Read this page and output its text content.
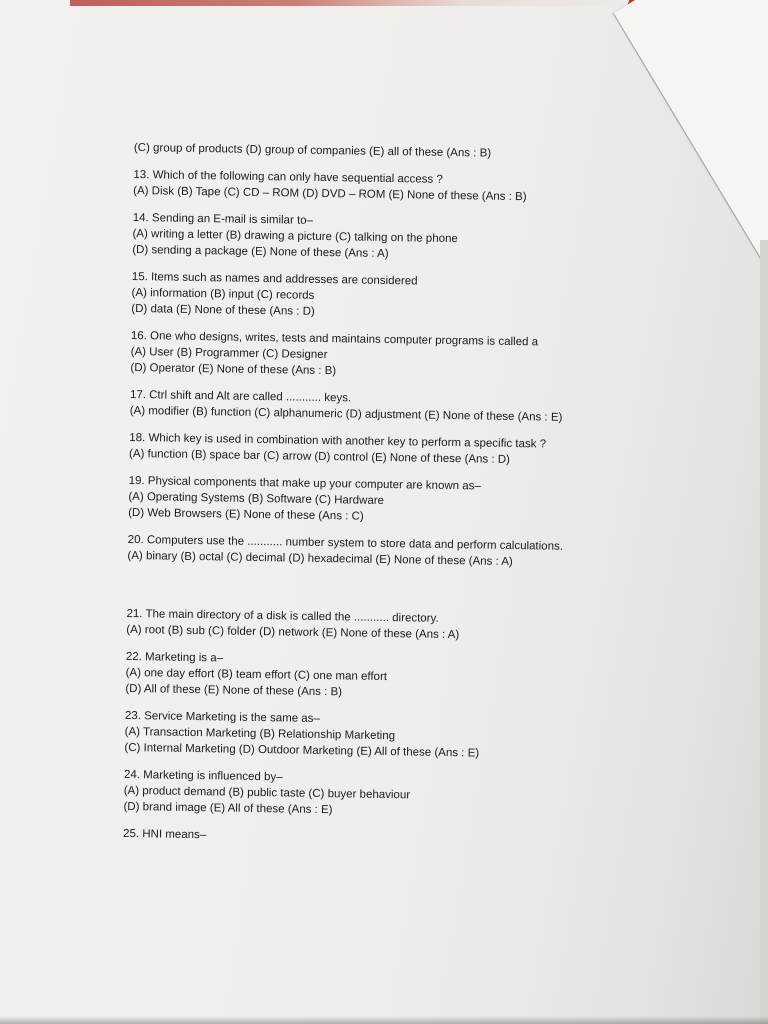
(C) group of products (D) group of companies (E) all of these (Ans : B)

13. Which of the following can only have sequential access ?

(A) Disk (B) Tape (C) CD – ROM (D) DVD – ROM (E) None of these (Ans : B)

14. Sending an E-mail is similar to–

(A) writing a letter (B) drawing a picture (C) talking on the phone

(D) sending a package (E) None of these (Ans : A)

15. Items such as names and addresses are considered

(A) information (B) input (C) records

(D) data (E) None of these (Ans : D)

16. One who designs, writes, tests and maintains computer programs is called a

(A) User (B) Programmer (C) Designer

(D) Operator (E) None of these (Ans : B)

17. Ctrl shift and Alt are called ........... keys.

(A) modifier (B) function (C) alphanumeric (D) adjustment (E) None of these (Ans : E)

18. Which key is used in combination with another key to perform a specific task ?

(A) function (B) space bar (C) arrow (D) control (E) None of these (Ans : D)

19. Physical components that make up your computer are known as–

(A) Operating Systems (B) Software (C) Hardware

(D) Web Browsers (E) None of these (Ans : C)

20. Computers use the ........... number system to store data and perform calculations.

(A) binary (B) octal (C) decimal (D) hexadecimal (E) None of these (Ans : A)

21. The main directory of a disk is called the ........... directory.

(A) root (B) sub (C) folder (D) network (E) None of these (Ans : A)

22. Marketing is a–

(A) one day effort (B) team effort (C) one man effort

(D) All of these (E) None of these (Ans : B)

23. Service Marketing is the same as–

(A) Transaction Marketing (B) Relationship Marketing

(C) Internal Marketing (D) Outdoor Marketing (E) All of these (Ans : E)

24. Marketing is influenced by–

(A) product demand (B) public taste (C) buyer behaviour

(D) brand image (E) All of these (Ans : E)

25. HNI means–
